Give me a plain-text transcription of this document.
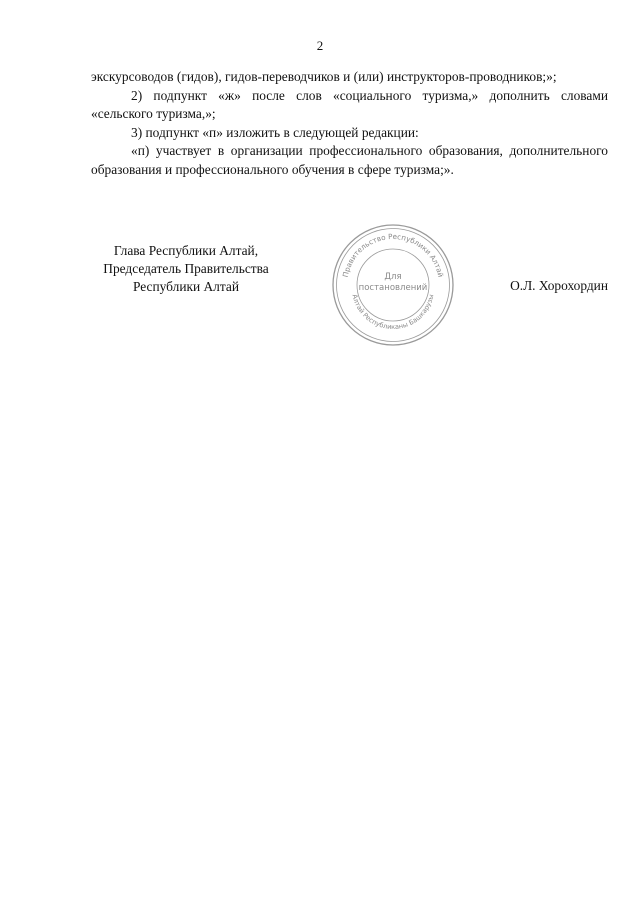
2

экскурсоводов (гидов), гидов-переводчиков и (или) инструкторов-проводников;»;

2) подпункт «ж» после слов «социального туризма,» дополнить словами «сельского туризма,»;

3) подпункт «п» изложить в следующей редакции:

«п) участвует в организации профессионального образования, дополнительного образования и профессионального обучения в сфере туризма;».

Глава Республики Алтай,
Председатель Правительства
Республики Алтай
Правительство Республики Алтай
Алтай Республиканы Башкарузы
Для
постановлений	О.Л. Хорохордин
